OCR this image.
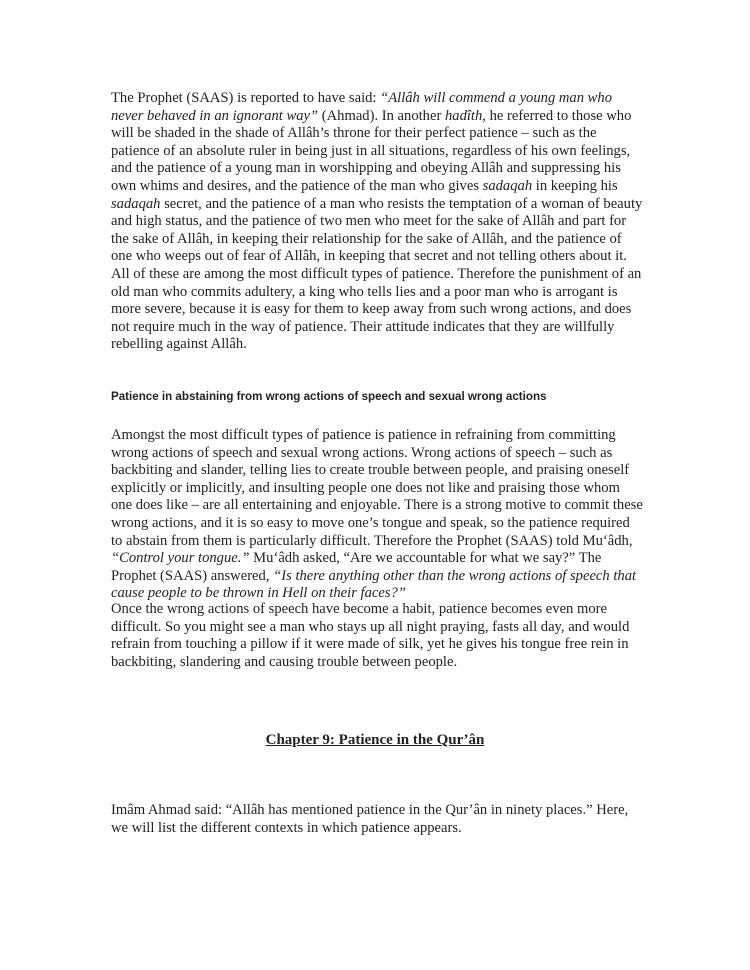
The Prophet (SAAS) is reported to have said: “Allâh will commend a young man who never behaved in an ignorant way” (Ahmad). In another hadîth, he referred to those who will be shaded in the shade of Allâh’s throne for their perfect patience – such as the patience of an absolute ruler in being just in all situations, regardless of his own feelings, and the patience of a young man in worshipping and obeying Allâh and suppressing his own whims and desires, and the patience of the man who gives sadaqah in keeping his sadaqah secret, and the patience of a man who resists the temptation of a woman of beauty and high status, and the patience of two men who meet for the sake of Allâh and part for the sake of Allâh, in keeping their relationship for the sake of Allâh, and the patience of one who weeps out of fear of Allâh, in keeping that secret and not telling others about it. All of these are among the most difficult types of patience. Therefore the punishment of an old man who commits adultery, a king who tells lies and a poor man who is arrogant is more severe, because it is easy for them to keep away from such wrong actions, and does not require much in the way of patience. Their attitude indicates that they are willfully rebelling against Allâh.

Patience in abstaining from wrong actions of speech and sexual wrong actions

Amongst the most difficult types of patience is patience in refraining from committing wrong actions of speech and sexual wrong actions. Wrong actions of speech – such as backbiting and slander, telling lies to create trouble between people, and praising oneself explicitly or implicitly, and insulting people one does not like and praising those whom one does like – are all entertaining and enjoyable. There is a strong motive to commit these wrong actions, and it is so easy to move one’s tongue and speak, so the patience required to abstain from them is particularly difficult. Therefore the Prophet (SAAS) told Mu‘âdh, “Control your tongue.” Mu‘âdh asked, “Are we accountable for what we say?” The Prophet (SAAS) answered, “Is there anything other than the wrong actions of speech that cause people to be thrown in Hell on their faces?”

Once the wrong actions of speech have become a habit, patience becomes even more difficult. So you might see a man who stays up all night praying, fasts all day, and would refrain from touching a pillow if it were made of silk, yet he gives his tongue free rein in backbiting, slandering and causing trouble between people.

Chapter 9: Patience in the Qur’ân

Imâm Ahmad said: “Allâh has mentioned patience in the Qur’ân in ninety places.” Here, we will list the different contexts in which patience appears.
